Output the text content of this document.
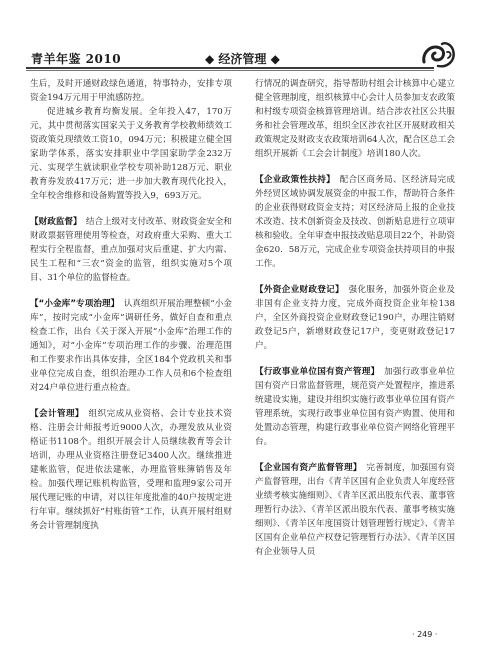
青羊年鉴 2010	◆ 经济管理 ◆

生后，及时开通财政绿色通道，特事特办，安排专项资金194万元用于甲流感防控。

促进城乡教育均衡发展。全年投入47，170万元，其中贯彻落实国家关于义务教育学校教师绩效工资政策兑现绩效工资10，094万元；积极建立健全国家助学体系，落实安排职业中学国家助学金232万元、实现学生就读职业学校专项补助128万元、职业教育券发放417万元；进一步加大教育现代化投入，全年校舍维修和设备购置等投入9，693万元。

【财政监督】  结合上级对支付改革、财政资金安全和财政票据管理使用等检查，对政府重大采购、重大工程实行全程监督，重点加强对灾后重建、扩大内需、民生工程和“三农”资金的监管，组织实施对5个项目、31个单位的监督检查。

【“小金库”专项治理】  认真组织开展治理整顿“小金库”，按时完成“小金库”调研任务，做好自查和重点检查工作，出台《关于深入开展“小金库”治理工作的通知》，对“小金库”专项治理工作的步骤、治理范围和工作要求作出具体安排，全区184个党政机关和事业单位完成自查，组织治理办工作人员和6个检查组对24户单位进行重点检查。

【会计管理】  组织完成从业资格、会计专业技术资格、注册会计师报考近9000人次，办理发放从业资格证书1108个。组织开展会计人员继续教育等会计培训，办理从业资格注册登记3400人次。继续推进建帐监管，促进依法建帐，办理监管账簿销售及年检。加强代理记账机构监管，受理和监理9家公司开展代理记账的申请，对以往年度批准的40户按规定进行年审。继续抓好“村账街管”工作，认真开展村组财务会计管理制度执

行情况的调查研究，指导帮助村组会计核算中心建立健全管理制度，组织核算中心会计人员参加支农政策和村级专项资金核算管理培训。结合涉农社区公共服务和社会管理改革，组织全区涉农社区开展财政相关政策规定及财政支农政策培训64人次，配合区总工会组织开展新《工会会计制度》培训180人次。

【企业政策性扶持】  配合区商务局、区经济局完成外经贸区域协调发展资金的申报工作，帮助符合条件的企业获得财政资金支持；对区经济局上报的企业技术改造、技术创新资金及技改、创新贴息进行立项审核和验收。全年审查申报技改贴息项目22个，补助资金620．58万元，完成企业专项资金扶持项目的申报工作。

【外资企业财政登记】  强化服务，加强外资企业及非国有企业支持力度，完成外商投资企业年检138户，全区外商投资企业财政登记190户，办理注销财政登记5户，新增财政登记17户，变更财政登记17户。

【行政事业单位国有资产管理】  加强行政事业单位国有资产日常监督管理，规范资产处置程序，推进系统建设实施，建设并组织实施行政事业单位国有资产管理系统，实现行政事业单位国有资产购置、使用和处置动态管理，构建行政事业单位资产网络化管理平台。

【企业国有资产监督管理】  完善制度，加强国有资产监督管理，出台《青羊区国有企业负责人年度经营业绩考核实施细则》、《青羊区派出股东代表、董事管理暂行办法》、《青羊区派出股东代表、董事考核实施细则》、《青羊区年度国资计划管理暂行规定》、《青羊区国有企业单位产权登记管理暂行办法》、《青羊区国有企业领导人员

· 249 ·
